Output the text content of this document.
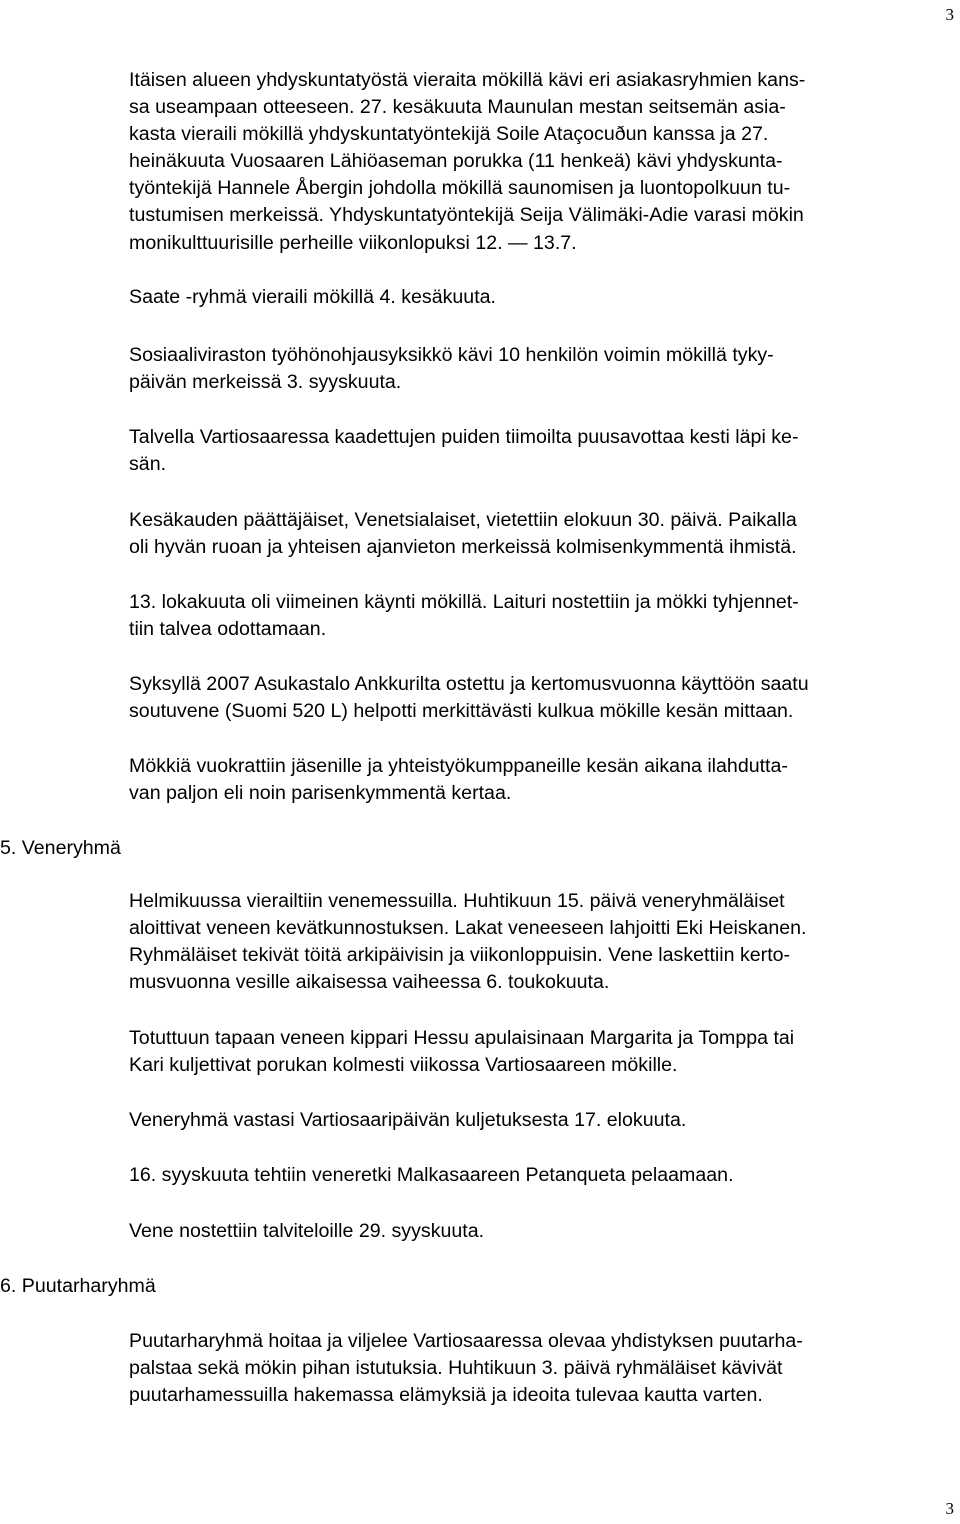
3

Itäisen alueen yhdyskuntatyöstä vieraita mökillä kävi eri asiakasryhmien kans-
sa useampaan otteeseen. 27. kesäkuuta Maunulan mestan seitsemän asia-
kasta vieraili mökillä yhdyskuntatyöntekijä Soile Ataçocuðun kanssa ja 27.
heinäkuuta Vuosaaren Lähiöaseman porukka (11 henkeä) kävi yhdyskunta-
työntekijä Hannele Åbergin johdolla mökillä saunomisen ja luontopolkuun tu-
tustumisen merkeissä. Yhdyskuntatyöntekijä Seija Välimäki-Adie varasi mökin
monikulttuurisille perheille viikonlopuksi 12. — 13.7.

Saate -ryhmä vieraili mökillä 4. kesäkuuta.

Sosiaaliviraston työhönohjausyksikkö kävi 10 henkilön voimin mökillä tyky-
päivän merkeissä 3. syyskuuta.

Talvella Vartiosaaressa kaadettujen puiden tiimoilta puusavottaa kesti läpi ke-
sän.

Kesäkauden päättäjäiset, Venetsialaiset, vietettiin elokuun 30. päivä. Paikalla
oli hyvän ruoan ja yhteisen ajanvieton merkeissä kolmisenkymmentä ihmistä.

13. lokakuuta oli viimeinen käynti mökillä. Laituri nostettiin ja mökki tyhjennet-
tiin talvea odottamaan.

Syksyllä 2007 Asukastalo Ankkurilta ostettu ja kertomusvuonna käyttöön saatu
soutuvene (Suomi 520 L) helpotti merkittävästi kulkua mökille kesän mittaan.

Mökkiä vuokrattiin jäsenille ja yhteistyökumppaneille kesän aikana ilahdutta-
van paljon eli noin parisenkymmentä kertaa.

5. Veneryhmä

Helmikuussa vierailtiin venemessuilla. Huhtikuun 15. päivä veneryhmäläiset
aloittivat veneen kevätkunnostuksen. Lakat veneeseen lahjoitti Eki Heiskanen.
Ryhmäläiset tekivät töitä arkipäivisin ja viikonloppuisin. Vene laskettiin kerto-
musvuonna vesille aikaisessa vaiheessa 6. toukokuuta.

Totuttuun tapaan veneen kippari Hessu apulaisinaan Margarita ja Tomppa tai
Kari kuljettivat porukan kolmesti viikossa Vartiosaareen mökille.

Veneryhmä vastasi Vartiosaaripäivän kuljetuksesta 17. elokuuta.

16. syyskuuta tehtiin veneretki Malkasaareen Petanqueta pelaamaan.

Vene nostettiin talviteloille 29. syyskuuta.

6. Puutarharyhmä

Puutarharyhmä hoitaa ja viljelee Vartiosaaressa olevaa yhdistyksen puutarha-
palstaa sekä mökin pihan istutuksia. Huhtikuun 3. päivä ryhmäläiset kävivät
puutarhamessuilla hakemassa elämyksiä ja ideoita tulevaa kautta varten.

3
